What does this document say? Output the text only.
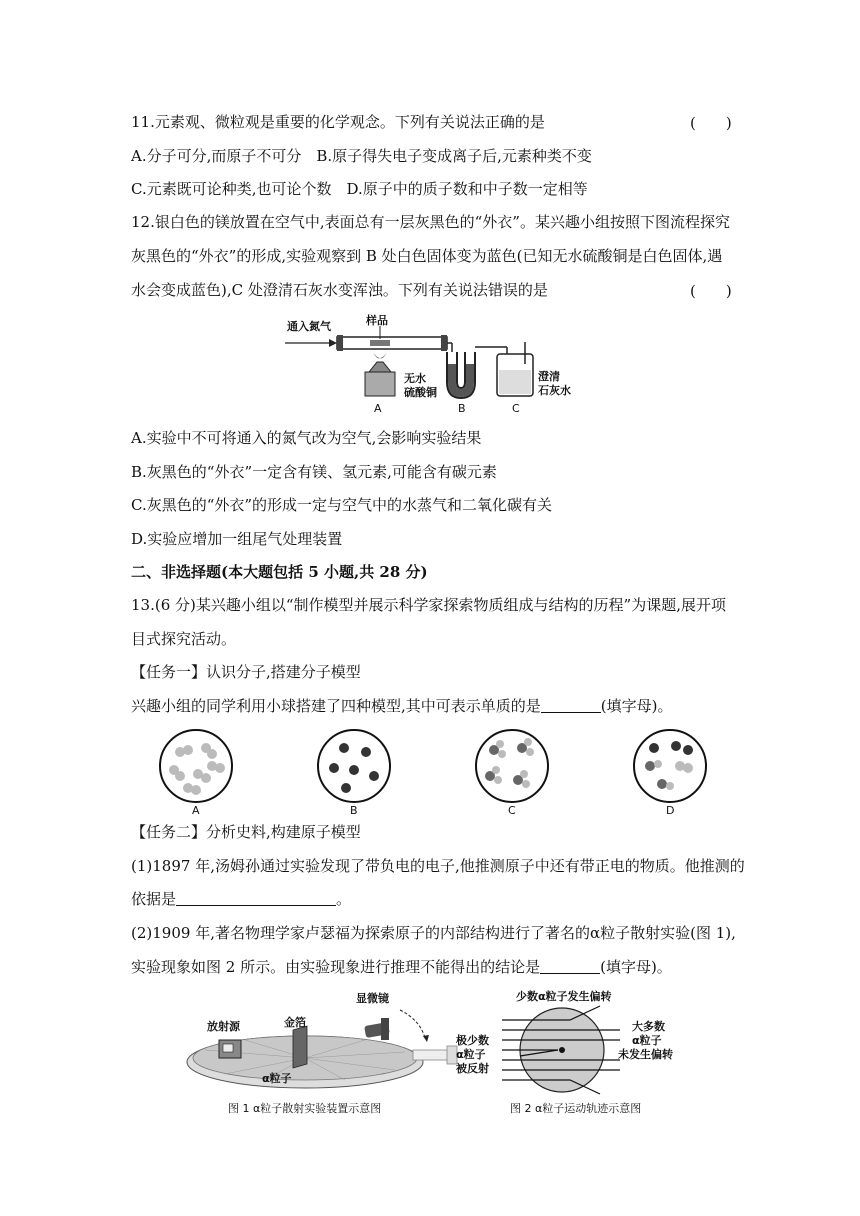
11.元素观、微粒观是重要的化学观念。下列有关说法正确的是	(　　)
A.分子可分,而原子不可分　B.原子得失电子变成离子后,元素种类不变
C.元素既可论种类,也可论个数　D.原子中的质子数和中子数一定相等
12.银白色的镁放置在空气中,表面总有一层灰黑色的“外衣”。某兴趣小组按照下图流程探究
灰黑色的“外衣”的形成,实验观察到 B 处白色固体变为蓝色(已知无水硫酸铜是白色固体,遇
水会变成蓝色),C 处澄清石灰水变浑浊。下列有关说法错误的是	(　　)
通入氮气	样品
无水
硫酸铜
澄清
石灰水
A	B	C
A.实验中不可将通入的氮气改为空气,会影响实验结果
B.灰黑色的“外衣”一定含有镁、氢元素,可能含有碳元素
C.灰黑色的“外衣”的形成一定与空气中的水蒸气和二氧化碳有关
D.实验应增加一组尾气处理装置
二、非选择题(本大题包括 5 小题,共 28 分)
13.(6 分)某兴趣小组以“制作模型并展示科学家探索物质组成与结构的历程”为课题,展开项
目式探究活动。
【任务一】认识分子,搭建分子模型
兴趣小组的同学利用小球搭建了四种模型,其中可表示单质的是	(填字母)。
A	B	C	D
【任务二】分析史料,构建原子模型
(1)1897 年,汤姆孙通过实验发现了带负电的电子,他推测原子中还有带正电的物质。他推测的
依据是	。
(2)1909 年,著名物理学家卢瑟福为探索原子的内部结构进行了著名的α粒子散射实验(图 1),
实验现象如图 2 所示。由实验现象进行推理不能得出的结论是	(填字母)。
放射源	金箔
显微镜
α粒子
图 1 α粒子散射实验装置示意图
少数α粒子发生偏转
大多数
α粒子
未发生偏转
极少数
α粒子
被反射
图 2 α粒子运动轨迹示意图
